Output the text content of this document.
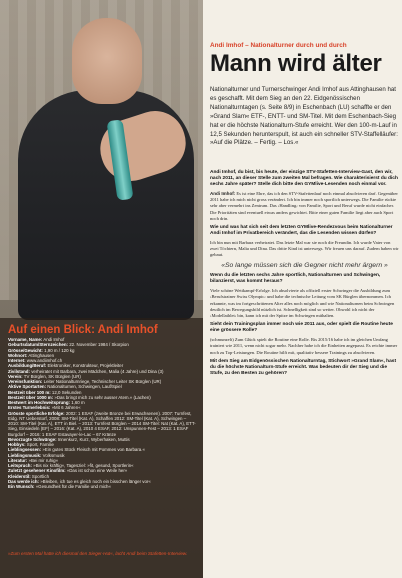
Auf einen Blick: Andi Imhof
Vorname, Name: Andi Imhof
Geburtsdatum/Sternzeichen: 22. November 1984 / Skorpion
Grösse/Gewicht: 1,90 m / 120 kg
Wohnort: Attinghausen
Internet: www.andiimhof.ch
Ausbildung/Beruf: Elektroniker, Konstrukteur, Projektleiter
Zivilstand: verheiratet mit Barbara, zwei Mädchen, Malia (4 Jahre) und Dina (3)
Verein: TV Bürglen, SK Bürglen (UR)
Vereinsfunktion: Leiter Nationalturnriege, Technischer Leiter SK Bürglen (UR)
Aktive Sportarten: Nationalturnen, Schwingen, Lauf/Spiel
Bestzeit über 100 m: 12,0 Sekunden
Bestzeit über 1000 m: »Das bringt mich zu sehr ausser Atem.« (Lachen)
Bestwert im Hochweitsprung: 1,60 m
Erstes Turnerlebnis: »Mit 6 Jahren«
Grösste sportliche Erfolge: 2002: 1 ESAF (zweite Bronze bei Erwachsenen). 2007: Turnfest, Eidg. NT Ueberstorf, 2008: SM-Titel (Kat. A), Schaffen 2012: SM-Titel (Kat. A), Schwingen – 2010: SM-Titel (Kat. A), ETT in Biel. – 2013: Turnfest Bürglen – 2014 SM-Titel: Nat (Kat. A), ETT-Sieg, Einsiedeln (EF) – 2016: (Kat. A), 2010 4 ESAF, 2012: Unspunnen-Fest – 2013: 1 ESAF Burgdorf – 2016: 1 ESAF Estavayer-le-Lac – 67 Kränze
Bevorzugte Schwünge: Innenkurz, Kurz, Wyberhaken, Muttis
Hobbys: Sport, Familie
Lieblingsessen: »Ein gutes Stück Fleisch mit Pommes von Barbara.«
Lieblingsmusik: Volksmusik
Literatur: »Bei mir ruhig«
Leitspruch: »Bis nix kräftig«, Tagesziel: »fit, gesund, Sportlerin«
Zuletzt gesehener Kinofilm: »Das ist schon eine Weile her«
Kleiderstil: Sportlich
Das werde ich: »Bleiben, ich tue es gleich noch ein bisschen länger vor«
Ein Wunsch: »Gesundheit für die Familie und mich«

»Zum ersten Mal hatte ich diesmal den Sieger-Hut«, lacht Andi beim Stafetten-Interview.

Andi Imhof – Nationalturner durch und durch

Mann wird älter

Nationalturner und Turnerschwinger Andi Imhof aus Attinghausen hat es geschafft. Mit dem Sieg an den 22. Eidgenössischen Nationalturntagen (s. Seite 8/9) in Eschenbach (LU) schaffte er den »Grand Slam« ETF-, ENTT- und SM-Titel. Mit dem Eschenbach-Sieg hat er die höchste Nationalturn-Stufe erreicht. Wer den 100-m-Lauf in 12,5 Sekunden herunterspult, ist auch ein schneller STV-Staffelläufer: »Auf die Plätze. – Fertig. – Los.«

Andi Imhof, du bist, bis heute, der einzige STV-Stafetten-Interview-Gast, den wir, nach 2011, an dieser Stelle zum zweiten Mal befragen. Wie charakterisierst du dich sechs Jahre später? Stelle dich bitte den GYMlive-Lesenden noch einmal vor.

Andi Imhof: Es ist eine Ehre, das ich den STV-Stafettenlauf noch einmal absolvieren darf. Gegenüber 2011 habe ich mich nicht gross verändert. Ich bin immer noch sportlich unterwegs. Die Familie rückte sehr aber vermehrt ins Zentrum. Das ›Handling‹ von Familie, Sport und Beruf wurde nicht einfacher. Die Prioritäten sind eventuell etwas anders gewichtet. Bitte einer guten Familie liegt aber auch Sport noch drin.

Wie und was hat sich seit dem letzten GYMlive-Rendezvous beim Nationalturner Andi Imhof im Privatbereich verändert, das die Lesenden wissen dürfen?

Ich bin nun mit Barbara verheiratet. Das letzte Mal war sie noch die Freundin. Ich wurde Vater von zwei Töchtern, Malia und Dina. Das dritte Kind ist unterwegs. Wir freuen uns darauf. Zudem haben wir gebaut.

«So lange müssen sich die Gegner nicht mehr ärgern »

Wenn du die letzten sechs Jahre sportlich, Nationalturnen und Schwingen, bilanzierst, was kommt heraus?

Viele schöne Wettkampf-Erfolge. Ich absolvierte als offiziell erster Schwinger die Ausbildung zum ›Berufstrainer Swiss Olympic‹ und habe die technische Leitung vom SK Bürglen übernommen. Ich erkannte, was im fortgeschrittenen Alter alles noch möglich und wie Nationalturnen beim Schwingen deutlich im Bewegungsbild nützlich ist. Schnelligkeit sind so weiter. Obwohl ich nicht der ›Modellathlet‹ bin, kann ich mit der Spitze im Schwingen mithalten.

Sieht dein Trainingsplan immer noch wie 2011 aus, oder spielt die Routine heute eine grössere Rolle?

(schmunzelt) Zum Glück spielt die Routine eine Rolle. Bis 2015/16 habe ich im gleichen Umfang trainiert wie 2011, wenn nicht sogar mehr. Nachher habe ich die Einheiten angepasst. Es reichte immer noch zu Top-Leistungen. Die Routine hilft mit, qualitativ bessere Trainings zu absolvieren.

Mit dem Sieg am Eidgenössischen Nationalturntag, Stichwort »Grand Slam«, hast du die höchste Nationalturn-Stufe erreicht. Was bedeuten dir der Sieg und die Stufe, zu den Besten zu gehören?
